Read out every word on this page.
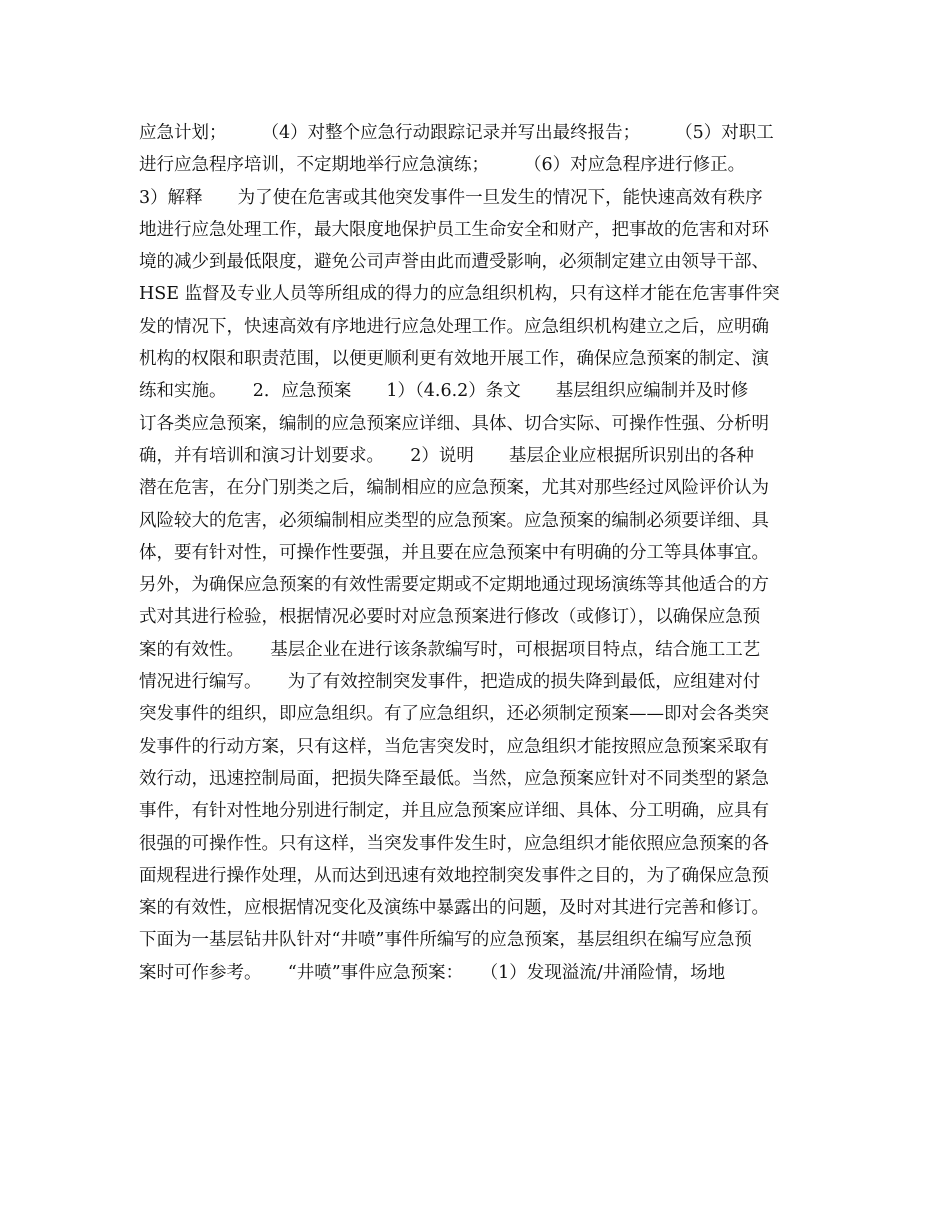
应急计划；　　　（4）对整个应急行动跟踪记录并写出最终报告；　　　（5）对职工
进行应急程序培训，不定期地举行应急演练；　　　（6）对应急程序进行修正。
3）解释　　为了使在危害或其他突发事件一旦发生的情况下，能快速高效有秩序
地进行应急处理工作，最大限度地保护员工生命安全和财产，把事故的危害和对环
境的减少到最低限度，避免公司声誉由此而遭受影响，必须制定建立由领导干部、
HSE 监督及专业人员等所组成的得力的应急组织机构，只有这样才能在危害事件突
发的情况下，快速高效有序地进行应急处理工作。应急组织机构建立之后，应明确
机构的权限和职责范围，以便更顺利更有效地开展工作，确保应急预案的制定、演
练和实施。　　2．应急预案　　1）（4.6.2）条文　　基层组织应编制并及时修
订各类应急预案，编制的应急预案应详细、具体、切合实际、可操作性强、分析明
确，并有培训和演习计划要求。　　2）说明　　基层企业应根据所识别出的各种
潜在危害，在分门别类之后，编制相应的应急预案，尤其对那些经过风险评价认为
风险较大的危害，必须编制相应类型的应急预案。应急预案的编制必须要详细、具
体，要有针对性，可操作性要强，并且要在应急预案中有明确的分工等具体事宜。
另外，为确保应急预案的有效性需要定期或不定期地通过现场演练等其他适合的方
式对其进行检验，根据情况必要时对应急预案进行修改（或修订），以确保应急预
案的有效性。　　基层企业在进行该条款编写时，可根据项目特点，结合施工工艺
情况进行编写。　　为了有效控制突发事件，把造成的损失降到最低，应组建对付
突发事件的组织，即应急组织。有了应急组织，还必须制定预案——即对会各类突
发事件的行动方案，只有这样，当危害突发时，应急组织才能按照应急预案采取有
效行动，迅速控制局面，把损失降至最低。当然，应急预案应针对不同类型的紧急
事件，有针对性地分别进行制定，并且应急预案应详细、具体、分工明确，应具有
很强的可操作性。只有这样，当突发事件发生时，应急组织才能依照应急预案的各
面规程进行操作处理，从而达到迅速有效地控制突发事件之目的，为了确保应急预
案的有效性，应根据情况变化及演练中暴露出的问题，及时对其进行完善和修订。
下面为一基层钻井队针对“井喷”事件所编写的应急预案，基层组织在编写应急预
案时可作参考。　　“井喷”事件应急预案：　　（1）发现溢流/井涌险情，场地
